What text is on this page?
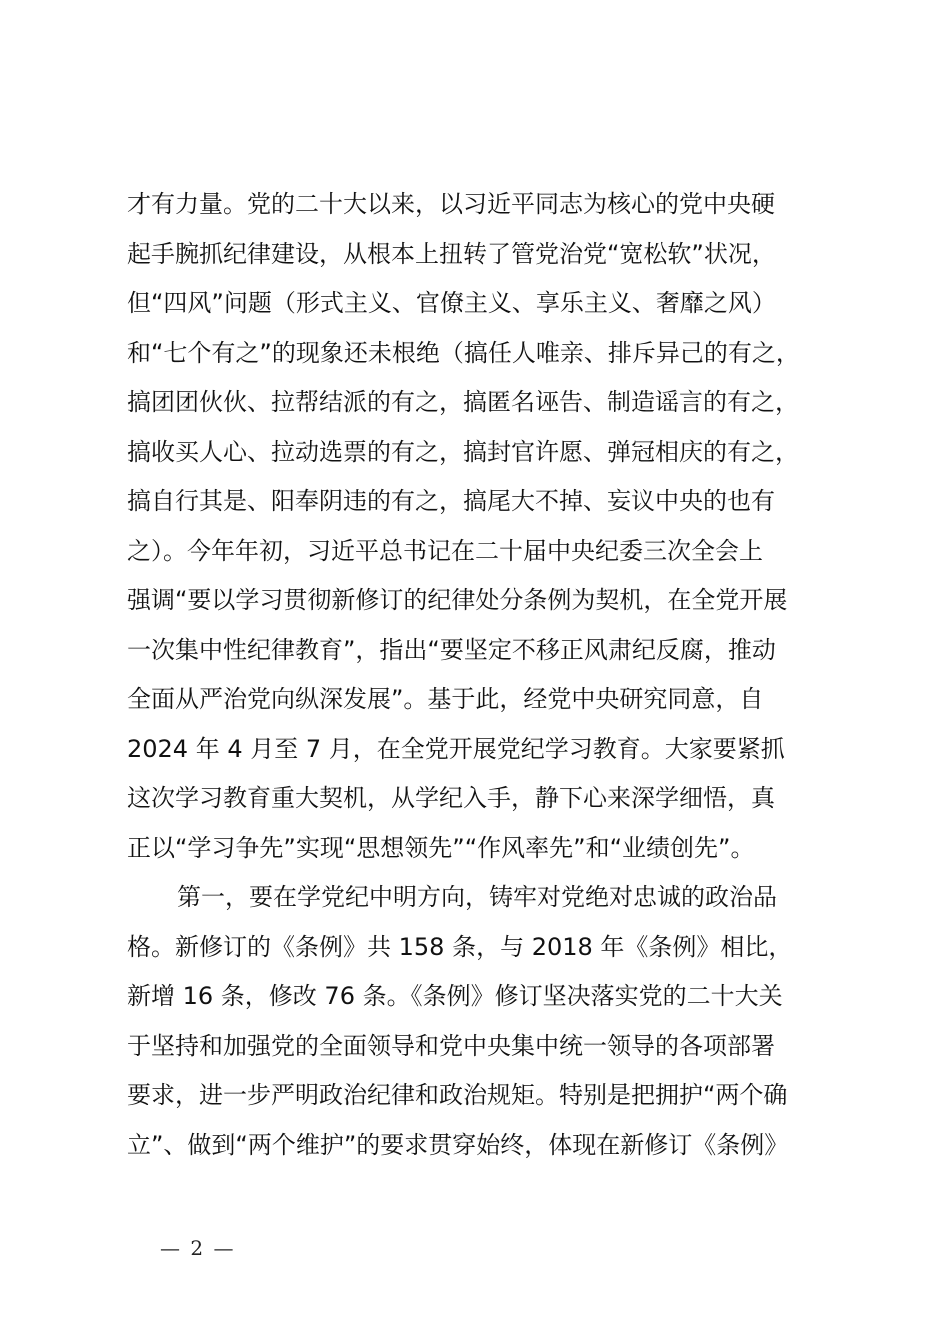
才有力量。党的二十大以来，以习近平同志为核心的党中央硬
起手腕抓纪律建设，从根本上扭转了管党治党“宽松软”状况，
但“四风”问题（形式主义、官僚主义、享乐主义、奢靡之风）
和“七个有之”的现象还未根绝（搞任人唯亲、排斥异己的有之，
搞团团伙伙、拉帮结派的有之，搞匿名诬告、制造谣言的有之，
搞收买人心、拉动选票的有之，搞封官许愿、弹冠相庆的有之，
搞自行其是、阳奉阴违的有之，搞尾大不掉、妄议中央的也有
之）。今年年初，习近平总书记在二十届中央纪委三次全会上
强调“要以学习贯彻新修订的纪律处分条例为契机，在全党开展
一次集中性纪律教育”，指出“要坚定不移正风肃纪反腐，推动
全面从严治党向纵深发展”。基于此，经党中央研究同意，自
2024 年 4 月至 7 月，在全党开展党纪学习教育。大家要紧抓
这次学习教育重大契机，从学纪入手，静下心来深学细悟，真
正以“学习争先”实现“思想领先”“作风率先”和“业绩创先”。
第一，要在学党纪中明方向，铸牢对党绝对忠诚的政治品
格。新修订的《条例》共 158 条，与 2018 年《条例》相比，
新增 16 条，修改 76 条。《条例》修订坚决落实党的二十大关
于坚持和加强党的全面领导和党中央集中统一领导的各项部署
要求，进一步严明政治纪律和政治规矩。特别是把拥护“两个确
立”、做到“两个维护”的要求贯穿始终，体现在新修订《条例》
— 2 —
